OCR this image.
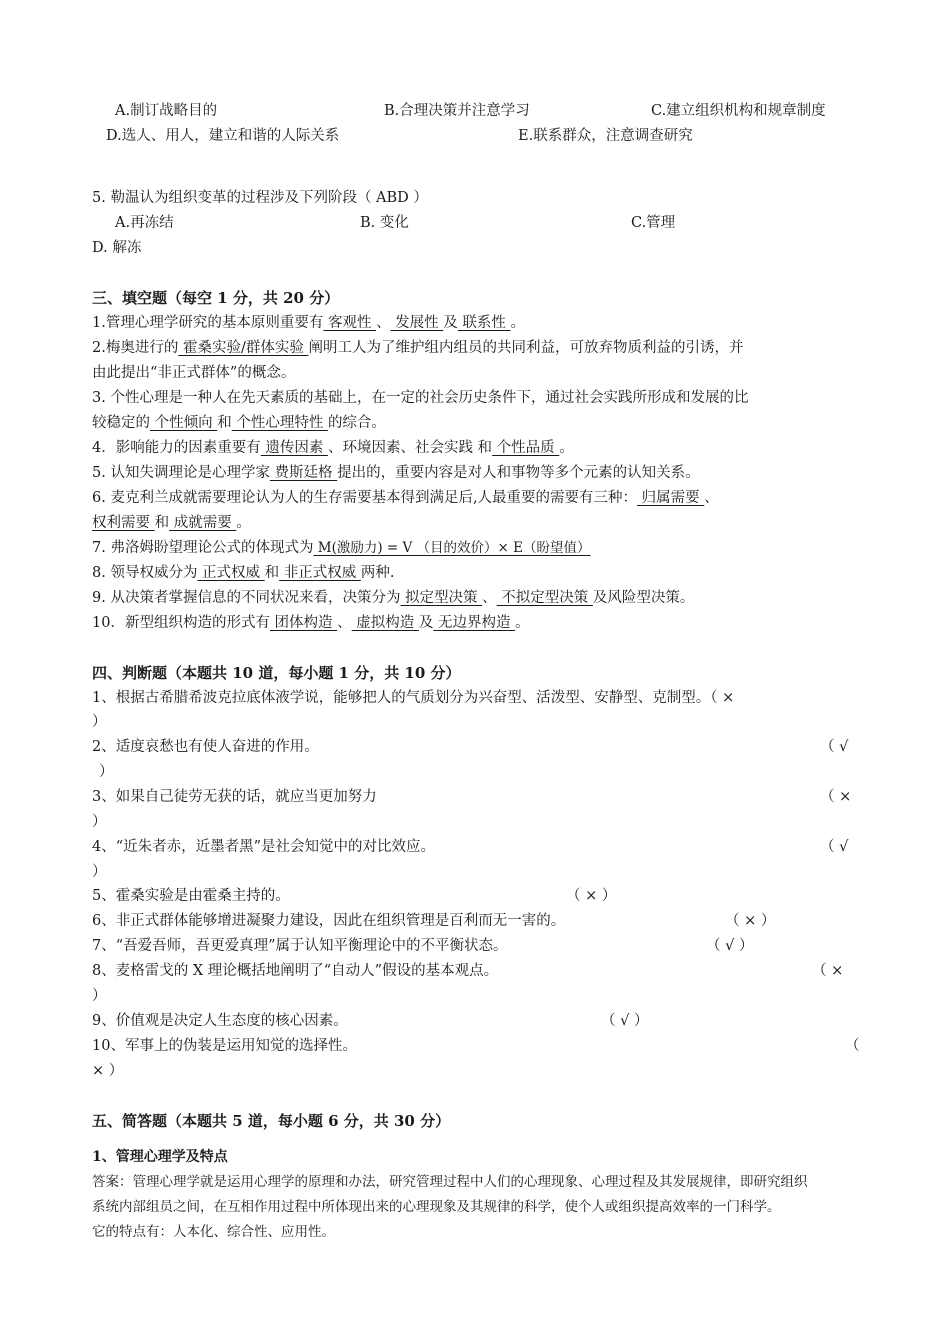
A.制订战略目的	B.合理决策并注意学习	C.建立组织机构和规章制度
D.选人、用人，建立和谐的人际关系	E.联系群众，注意调查研究
5. 勒温认为组织变革的过程涉及下列阶段（ ABD ）
A.再冻结	B. 变化	C.管理
D. 解冻
三、填空题（每空 1 分，共 20 分）
1.管理心理学研究的基本原则重要有 客观性 、 发展性 及 联系性 。
2.梅奥进行的 霍桑实验/群体实验 阐明工人为了维护组内组员的共同利益，可放弃物质利益的引诱，并
由此提出“非正式群体”的概念。
3. 个性心理是一种人在先天素质的基础上，在一定的社会历史条件下，通过社会实践所形成和发展的比
较稳定的 个性倾向 和 个性心理特性 的综合。
4．影响能力的因素重要有 遗传因素 、环境因素、社会实践 和 个性品质 。
5. 认知失调理论是心理学家 费斯廷格 提出的，重要内容是对人和事物等多个元素的认知关系。
6. 麦克利兰成就需要理论认为人的生存需要基本得到满足后,人最重要的需要有三种： 归属需要 、
权利需要 和 成就需要 。
7. 弗洛姆盼望理论公式的体现式为 M(激励力) = V （目的效价）× E（盼望值）
8. 领导权威分为 正式权威 和 非正式权威 两种.
9. 从决策者掌握信息的不同状况来看，决策分为 拟定型决策 、 不拟定型决策 及风险型决策。
10．新型组织构造的形式有 团体构造 、 虚拟构造 及 无边界构造 。
四、判断题（本题共 10 道，每小题 1 分，共 10 分）
1、根据古希腊希波克拉底体液学说，能够把人的气质划分为兴奋型、活泼型、安静型、克制型。（ ×
）
2、适度哀愁也有使人奋进的作用。	（ √
）
3、如果自己徒劳无获的话，就应当更加努力	（ ×
）
4、“近朱者赤，近墨者黑”是社会知觉中的对比效应。	（ √
）
5、霍桑实验是由霍桑主持的。	（ × ）
6、非正式群体能够增进凝聚力建设，因此在组织管理是百利而无一害的。	（ × ）
7、“吾爱吾师，吾更爱真理”属于认知平衡理论中的不平衡状态。	（ √ ）
8、麦格雷戈的 X 理论概括地阐明了“自动人”假设的基本观点。	（ ×
）
9、价值观是决定人生态度的核心因素。	（ √ ）
10、军事上的伪装是运用知觉的选择性。	（
× ）
五、简答题（本题共 5 道，每小题 6 分，共 30 分）
1、管理心理学及特点
答案：管理心理学就是运用心理学的原理和办法，研究管理过程中人们的心理现象、心理过程及其发展规律，即研究组织
系统内部组员之间，在互相作用过程中所体现出来的心理现象及其规律的科学，使个人或组织提高效率的一门科学。
它的特点有：人本化、综合性、应用性。
